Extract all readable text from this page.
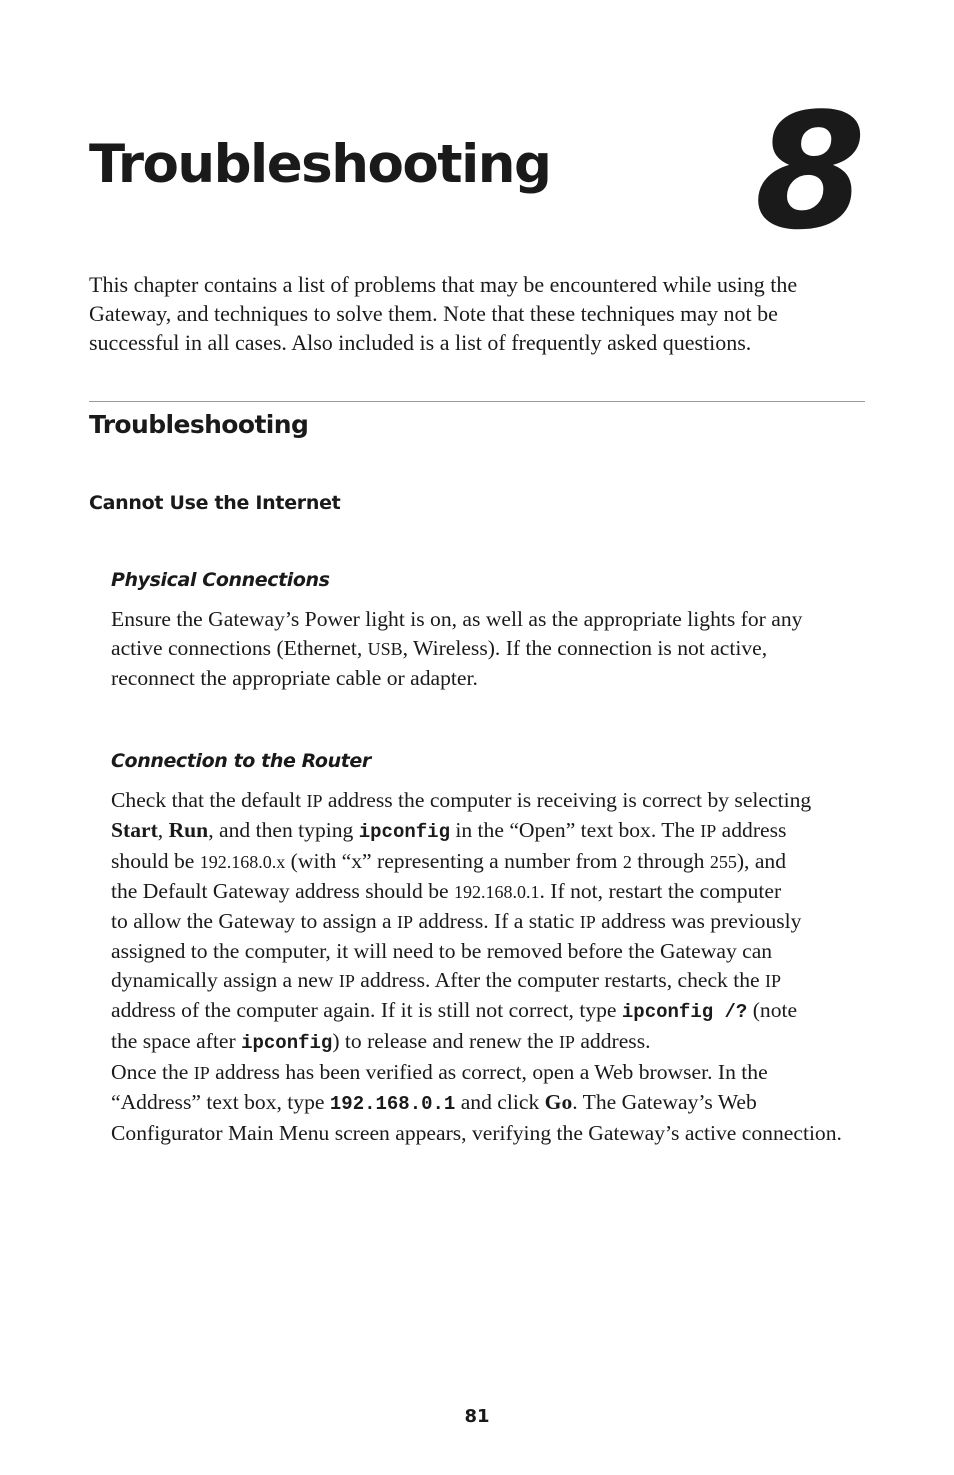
Troubleshooting 8

This chapter contains a list of problems that may be encountered while using the Gateway, and techniques to solve them. Note that these techniques may not be successful in all cases. Also included is a list of frequently asked questions.

Troubleshooting
Cannot Use the Internet
Physical Connections
Ensure the Gateway’s Power light is on, as well as the appropriate lights for any
active connections (Ethernet, USB, Wireless). If the connection is not active,
reconnect the appropriate cable or adapter.
Connection to the Router
Check that the default IP address the computer is receiving is correct by selecting
Start, Run, and then typing ipconfig in the “Open” text box. The IP address
should be 192.168.0.x (with “x” representing a number from 2 through 255), and
the Default Gateway address should be 192.168.0.1. If not, restart the computer
to allow the Gateway to assign a IP address. If a static IP address was previously
assigned to the computer, it will need to be removed before the Gateway can
dynamically assign a new IP address. After the computer restarts, check the IP
address of the computer again. If it is still not correct, type ipconfig /? (note
the space after ipconfig) to release and renew the IP address.
Once the IP address has been verified as correct, open a Web browser. In the
“Address” text box, type 192.168.0.1 and click Go. The Gateway’s Web
Configurator Main Menu screen appears, verifying the Gateway’s active connection.
81
